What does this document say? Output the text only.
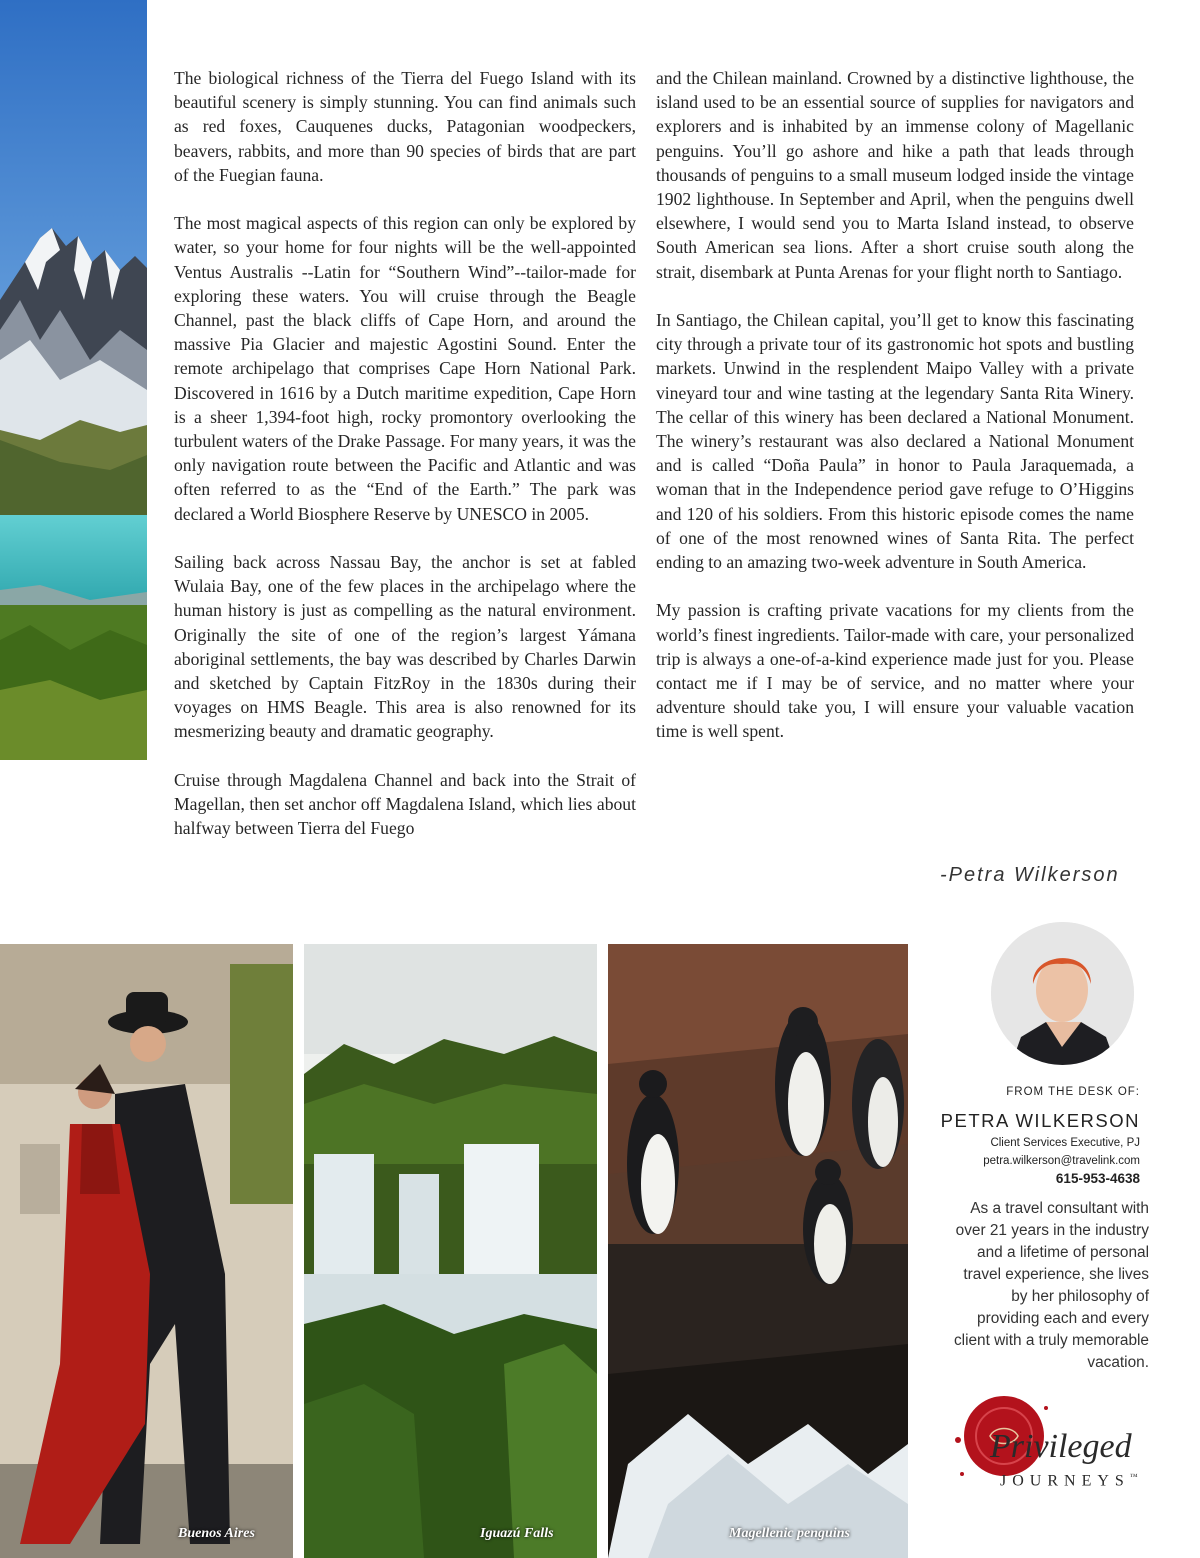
The biological richness of the Tierra del Fuego Island with its beautiful scenery is simply stunning. You can find animals such as red foxes, Cauquenes ducks, Patagonian woodpeckers, beavers, rabbits, and more than 90 species of birds that are part of the Fuegian fauna.

The most magical aspects of this region can only be explored by water, so your home for four nights will be the well-appointed Ventus Australis --Latin for “Southern Wind”--tailor-made for exploring these waters. You will cruise through the Beagle Channel, past the black cliffs of Cape Horn, and around the massive Pia Glacier and majestic Agostini Sound. Enter the remote archipelago that comprises Cape Horn National Park. Discovered in 1616 by a Dutch maritime expedition, Cape Horn is a sheer 1,394-foot high, rocky promontory overlooking the turbulent waters of the Drake Passage. For many years, it was the only navigation route between the Pacific and Atlantic and was often referred to as the “End of the Earth.” The park was declared a World Biosphere Reserve by UNESCO in 2005.

Sailing back across Nassau Bay, the anchor is set at fabled Wulaia Bay, one of the few places in the archipelago where the human history is just as compelling as the natural environment. Originally the site of one of the region’s largest Yámana aboriginal settlements, the bay was described by Charles Darwin and sketched by Captain FitzRoy in the 1830s during their voyages on HMS Beagle. This area is also renowned for its mesmerizing beauty and dramatic geography.

Cruise through Magdalena Channel and back into the Strait of Magellan, then set anchor off Magdalena Island, which lies about halfway between Tierra del Fuego

and the Chilean mainland. Crowned by a distinctive lighthouse, the island used to be an essential source of supplies for navigators and explorers and is inhabited by an immense colony of Magellanic penguins. You’ll go ashore and hike a path that leads through thousands of penguins to a small museum lodged inside the vintage 1902 lighthouse. In September and April, when the penguins dwell elsewhere, I would send you to Marta Island instead, to observe South American sea lions. After a short cruise south along the strait, disembark at Punta Arenas for your flight north to Santiago.

In Santiago, the Chilean capital, you’ll get to know this fascinating city through a private tour of its gastronomic hot spots and bustling markets. Unwind in the resplendent Maipo Valley with a private vineyard tour and wine tasting at the legendary Santa Rita Winery. The cellar of this winery has been declared a National Monument. The winery’s restaurant was also declared a National Monument and is called “Doña Paula” in honor to Paula Jaraquemada, a woman that in the Independence period gave refuge to O’Higgins and 120 of his soldiers. From this historic episode comes the name of one of the most renowned wines of Santa Rita. The perfect ending to an amazing two-week adventure in South America.

My passion is crafting private vacations for my clients from the world’s finest ingredients. Tailor-made with care, your personalized trip is always a one-of-a-kind experience made just for you. Please contact me if I may be of service, and no matter where your adventure should take you, I will ensure your valuable vacation time is well spent.

-Petra Wilkerson
Buenos Aires	Iguazú Falls	Magellenic penguins
FROM THE DESK OF:
PETRA WILKERSON
Client Services Executive, PJ
petra.wilkerson@travelink.com
615-953-4638
As a travel consultant with over 21 years in the industry and a lifetime of personal travel experience, she lives by her philosophy of providing each and every client with a truly memorable vacation.
Privileged
JOURNEYS™
